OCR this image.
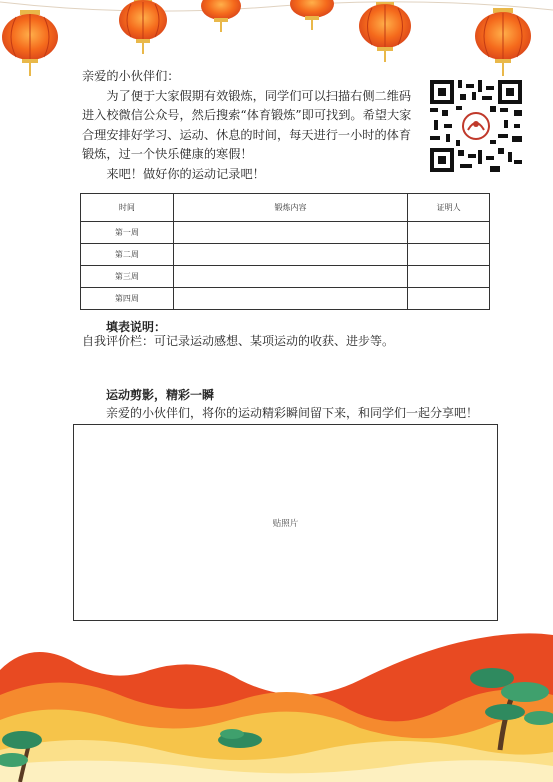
亲爱的小伙伴们：

为了便于大家假期有效锻炼，同学们可以扫描右侧二维码进入校微信公众号，然后搜索“体育锻炼”即可找到。希望大家合理安排好学习、运动、休息的时间，每天进行一小时的体育锻炼，过一个快乐健康的寒假！

来吧！做好你的运动记录吧！

时间	锻炼内容	证明人
第一周		
第二周		
第三周		
第四周		
填表说明：
自我评价栏：可记录运动感想、某项运动的收获、进步等。
运动剪影，精彩一瞬
亲爱的小伙伴们，将你的运动精彩瞬间留下来，和同学们一起分享吧！
贴照片
